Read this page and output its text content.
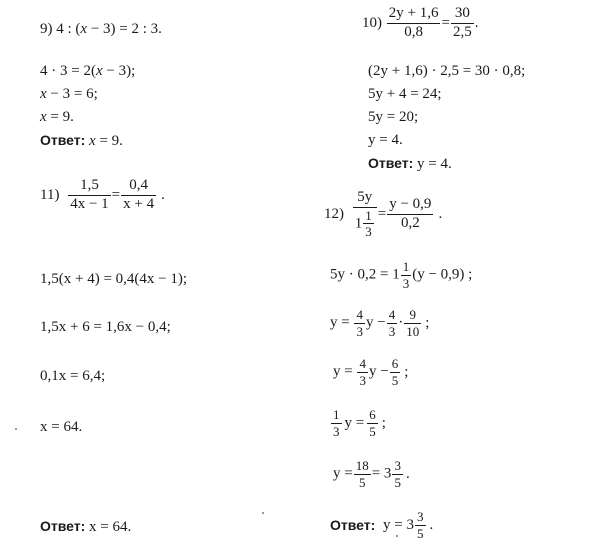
9) 4 : (x − 3) = 2 : 3.
4 · 3 = 2(x − 3);
x − 3 = 6;
x = 9.
Ответ: x = 9.
$10) \frac{2y + 1,6}{0,8} = \frac{30}{2,5}$ .
(2y + 1,6) · 2,5 = 30 · 0,8;
5y + 4 = 24;
5y = 20;
y = 4.
Ответ: y = 4.
$11) \frac{1,5}{4x - 1} = \frac{0,4}{x + 4}$ .
1,5(x + 4) = 0,4(4x − 1);
1,5x + 6 = 1,6x − 0,4;
0,1x = 6,4;
x = 64.
Ответ: x = 64.
$12) \frac{5y}{1 \frac{1}{3}} = \frac{y - 0,9}{0,2}$ .
$5y \cdot 0,2 = 1 \frac{1}{3} (y - 0,9)$ ;
$y = \frac{4}{3}$ $y - \frac{4}{3} \cdot \frac{9}{10}$ ;
$y = \frac{4}{3}$ $y - \frac{6}{5}$ ;
$\frac{1}{3}$ $y = \frac{6}{5}$ ;
$y = \frac{18}{5} = 3 \frac{3}{5}$ .
Ответ: $y = 3 \frac{3}{5}$ .
